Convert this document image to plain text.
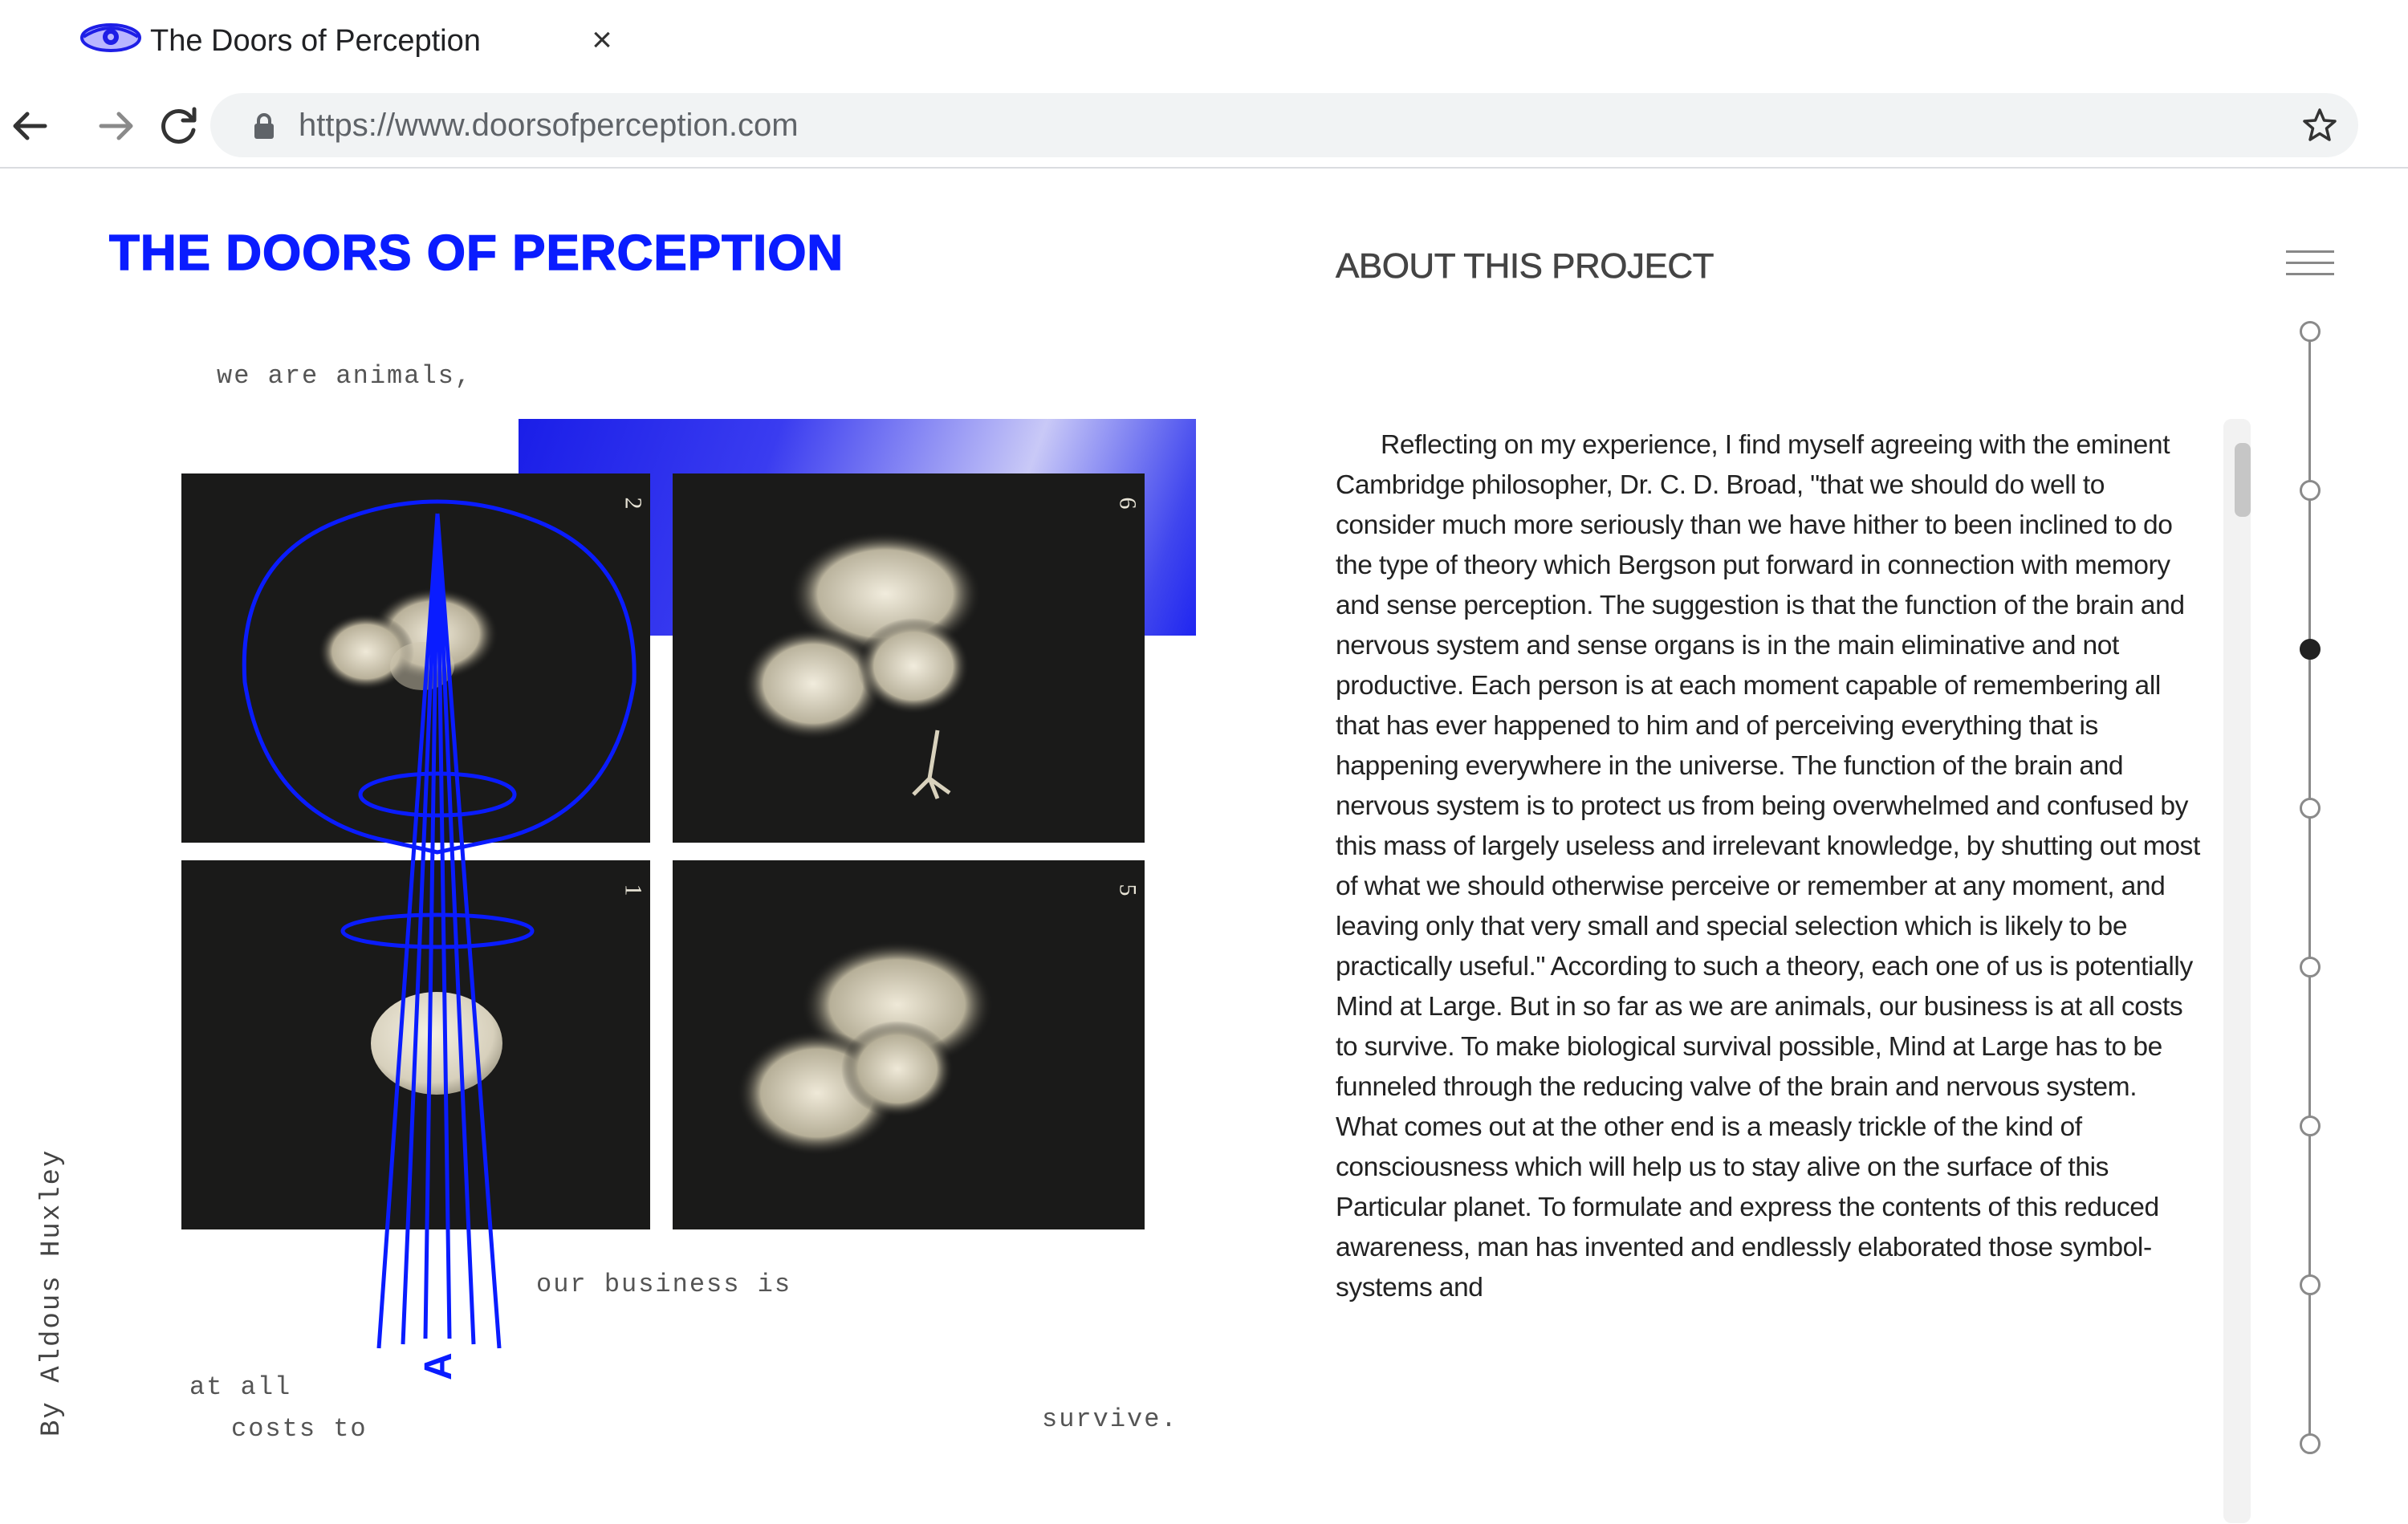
The Doors of Perception	×
https://www.doorsofperception.com
THE DOORS OF PERCEPTION
we are animals,
2	6
1	5
our business is
at all
costs to	survive.
By Aldous Huxley
ABOUT THIS PROJECT

Reflecting on my experience, I find myself agreeing with the eminent Cambridge philosopher, Dr. C. D. Broad, "that we should do well to consider much more seriously than we have hither to been inclined to do the type of theory which Bergson put forward in connection with memory and sense perception. The suggestion is that the function of the brain and nervous system and sense organs is in the main eliminative and not productive. Each person is at each moment capable of remembering all that has ever happened to him and of perceiving everything that is happening everywhere in the universe. The function of the brain and nervous system is to protect us from being overwhelmed and confused by this mass of largely useless and irrelevant knowledge, by shutting out most of what we should otherwise perceive or remember at any moment, and leaving only that very small and special selection which is likely to be practically useful." According to such a theory, each one of us is potentially Mind at Large. But in so far as we are animals, our business is at all costs to survive. To make biological survival possible, Mind at Large has to be funneled through the reducing valve of the brain and nervous system. What comes out at the other end is a measly trickle of the kind of consciousness which will help us to stay alive on the surface of this Particular planet. To formulate and express the contents of this reduced awareness, man has invented and endlessly elaborated those symbol-systems and

A
